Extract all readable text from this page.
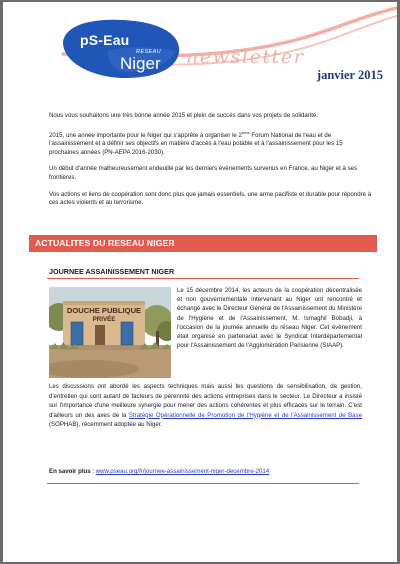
pS-Eau
RESEAU
Niger newsletter
janvier 2015

Nous vous souhaitons une très bonne année 2015 et plein de succès dans vos projets de solidarité.

2015, une année importante pour le Niger qui s'apprête à organiser le 2ème Forum National de l'eau et de l'assainissement et à définir ses objectifs en matière d'accès à l'eau potable et à l'assainissement pour les 15 prochaines années (PN-AEPA 2016-2030).

Un début d'année malheureusement endeuillé par les derniers événements survenus en France, au Niger et à ses frontières.

Vos actions et liens de coopération sont donc plus que jamais essentiels, une arme pacifiste et durable pour répondre à ces actes violents et au terrorisme.

ACTUALITES DU RESEAU NIGER
JOURNEE ASSAINISSEMENT NIGER
DOUCHE PUBLIQUE
PRIVÉE
Le 15 décembre 2014, les acteurs de la coopération décentralisée et non gouvernementale intervenant au Niger ont rencontré et échangé avec le Directeur Général de l'Assainissement du Ministère de l'Hygiène et de l'Assainissement, M. Ismaghil Bobadji, à l'occasion de la journée annuelle du réseau Niger. Cet évènement était organisé en partenariat avec le Syndicat Interdépartemental pour l'Assainissement de l'Agglomération Parisienne (SIAAP).
Les discussions ont abordé les aspects techniques mais aussi les questions de sensibilisation, de gestion, d'entretien qui sont autant de facteurs de pérennité des actions entreprises dans le secteur. Le Directeur a insisté sur l'importance d'une meilleure synergie pour mener des actions cohérentes et plus efficaces sur le terrain. C'est d'ailleurs un des axes de la Stratégie Opérationnelle de Promotion de l'Hygiène et de l'Assainissement de Base (SOPHAB), récemment adoptée au Niger.
En savoir plus : www.pseau.org/fr/journee-assainissement-niger-decembre-2014
